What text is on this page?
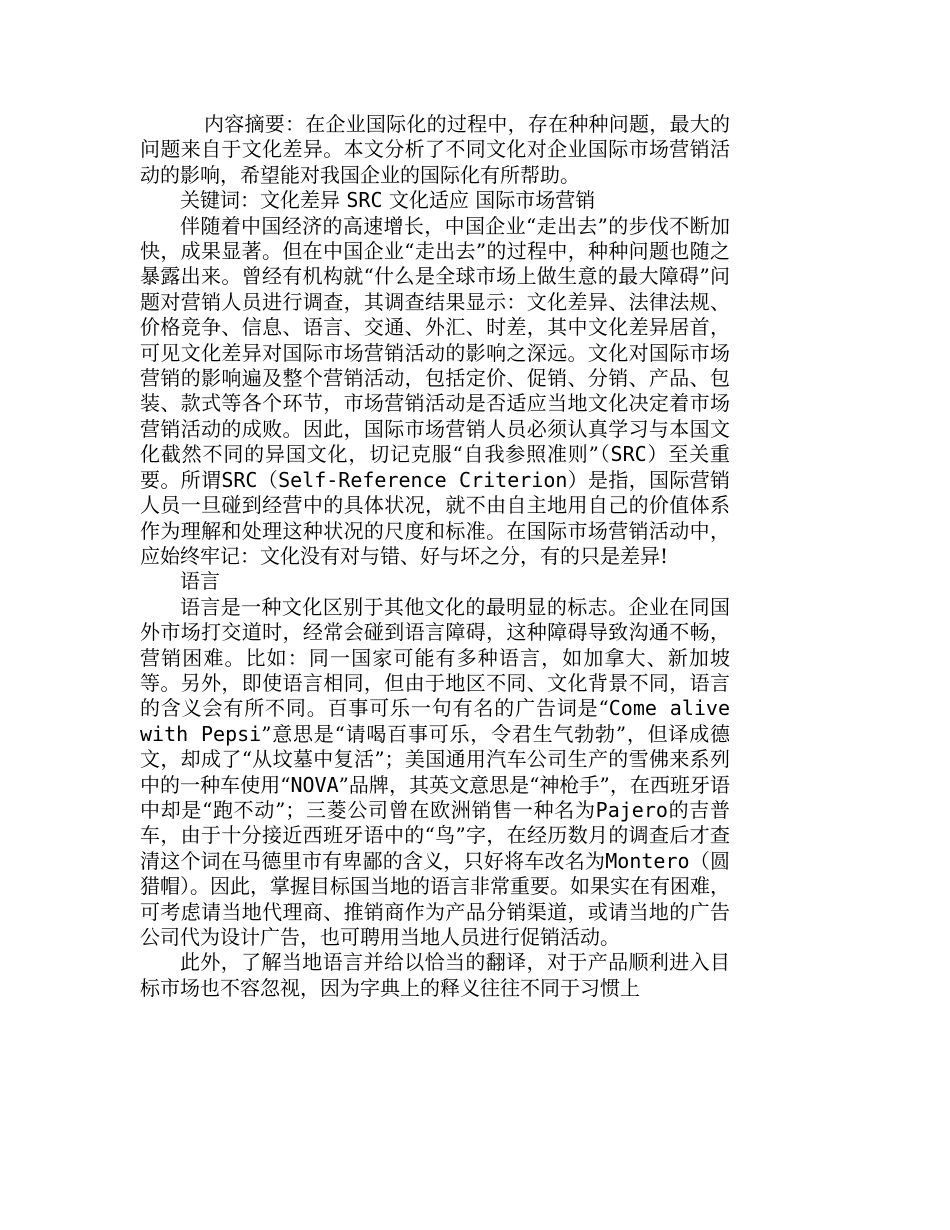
内容摘要：在企业国际化的过程中，存在种种问题，最大的问题来自于文化差异。本文分析了不同文化对企业国际市场营销活动的影响，希望能对我国企业的国际化有所帮助。

关键词：文化差异 SRC 文化适应 国际市场营销

伴随着中国经济的高速增长，中国企业“走出去”的步伐不断加快，成果显著。但在中国企业“走出去”的过程中，种种问题也随之暴露出来。曾经有机构就“什么是全球市场上做生意的最大障碍”问题对营销人员进行调查，其调查结果显示：文化差异、法律法规、价格竞争、信息、语言、交通、外汇、时差，其中文化差异居首，可见文化差异对国际市场营销活动的影响之深远。文化对国际市场营销的影响遍及整个营销活动，包括定价、促销、分销、产品、包装、款式等各个环节，市场营销活动是否适应当地文化决定着市场营销活动的成败。因此，国际市场营销人员必须认真学习与本国文化截然不同的异国文化，切记克服“自我参照准则”（SRC）至关重要。所谓SRC（Self-Reference Criterion）是指，国际营销人员一旦碰到经营中的具体状况，就不由自主地用自己的价值体系作为理解和处理这种状况的尺度和标准。在国际市场营销活动中，应始终牢记：文化没有对与错、好与坏之分，有的只是差异!

语言

语言是一种文化区别于其他文化的最明显的标志。企业在同国外市场打交道时，经常会碰到语言障碍，这种障碍导致沟通不畅，营销困难。比如：同一国家可能有多种语言，如加拿大、新加坡等。另外，即使语言相同，但由于地区不同、文化背景不同，语言的含义会有所不同。百事可乐一句有名的广告词是“Come alive with Pepsi”意思是“请喝百事可乐，令君生气勃勃”，但译成德文，却成了“从坟墓中复活”；美国通用汽车公司生产的雪佛来系列中的一种车使用“NOVA”品牌，其英文意思是“神枪手”，在西班牙语中却是“跑不动”；三菱公司曾在欧洲销售一种名为Pajero的吉普车，由于十分接近西班牙语中的“鸟”字，在经历数月的调查后才查清这个词在马德里市有卑鄙的含义，只好将车改名为Montero（圆猎帽）。因此，掌握目标国当地的语言非常重要。如果实在有困难，可考虑请当地代理商、推销商作为产品分销渠道，或请当地的广告公司代为设计广告，也可聘用当地人员进行促销活动。

此外，了解当地语言并给以恰当的翻译，对于产品顺利进入目标市场也不容忽视，因为字典上的释义往往不同于习惯上
